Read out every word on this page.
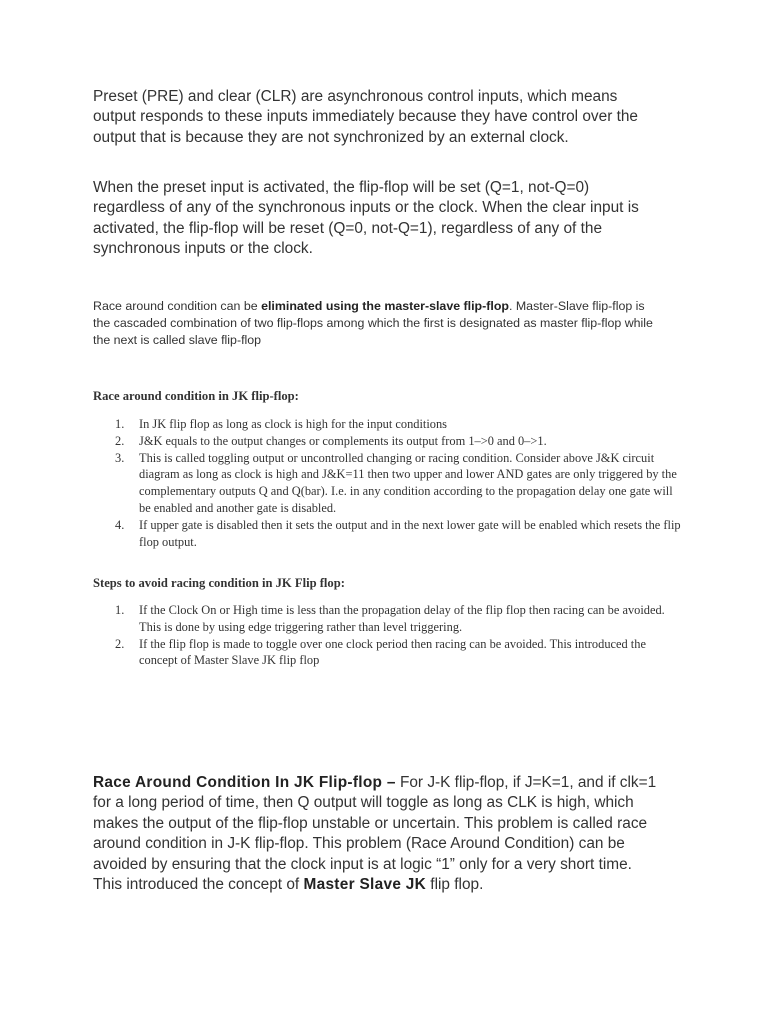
Preset (PRE) and clear (CLR) are asynchronous control inputs, which means output responds to these inputs immediately because they have control over the output that is because they are not synchronized by an external clock.

When the preset input is activated, the flip-flop will be set (Q=1, not-Q=0) regardless of any of the synchronous inputs or the clock. When the clear input is activated, the flip-flop will be reset (Q=0, not-Q=1), regardless of any of the synchronous inputs or the clock.

Race around condition can be eliminated using the master-slave flip-flop. Master-Slave flip-flop is the cascaded combination of two flip-flops among which the first is designated as master flip-flop while the next is called slave flip-flop

Race around condition in JK flip-flop:

1. In JK flip flop as long as clock is high for the input conditions
2. J&K equals to the output changes or complements its output from 1–>0 and 0–>1.
3. This is called toggling output or uncontrolled changing or racing condition. Consider above J&K circuit diagram as long as clock is high and J&K=11 then two upper and lower AND gates are only triggered by the complementary outputs Q and Q(bar). I.e. in any condition according to the propagation delay one gate will be enabled and another gate is disabled.
4. If upper gate is disabled then it sets the output and in the next lower gate will be enabled which resets the flip flop output.

Steps to avoid racing condition in JK Flip flop:

1. If the Clock On or High time is less than the propagation delay of the flip flop then racing can be avoided. This is done by using edge triggering rather than level triggering.
2. If the flip flop is made to toggle over one clock period then racing can be avoided. This introduced the concept of Master Slave JK flip flop

Race Around Condition In JK Flip-flop – For J-K flip-flop, if J=K=1, and if clk=1 for a long period of time, then Q output will toggle as long as CLK is high, which makes the output of the flip-flop unstable or uncertain. This problem is called race around condition in J-K flip-flop. This problem (Race Around Condition) can be avoided by ensuring that the clock input is at logic “1” only for a very short time. This introduced the concept of Master Slave JK flip flop.
